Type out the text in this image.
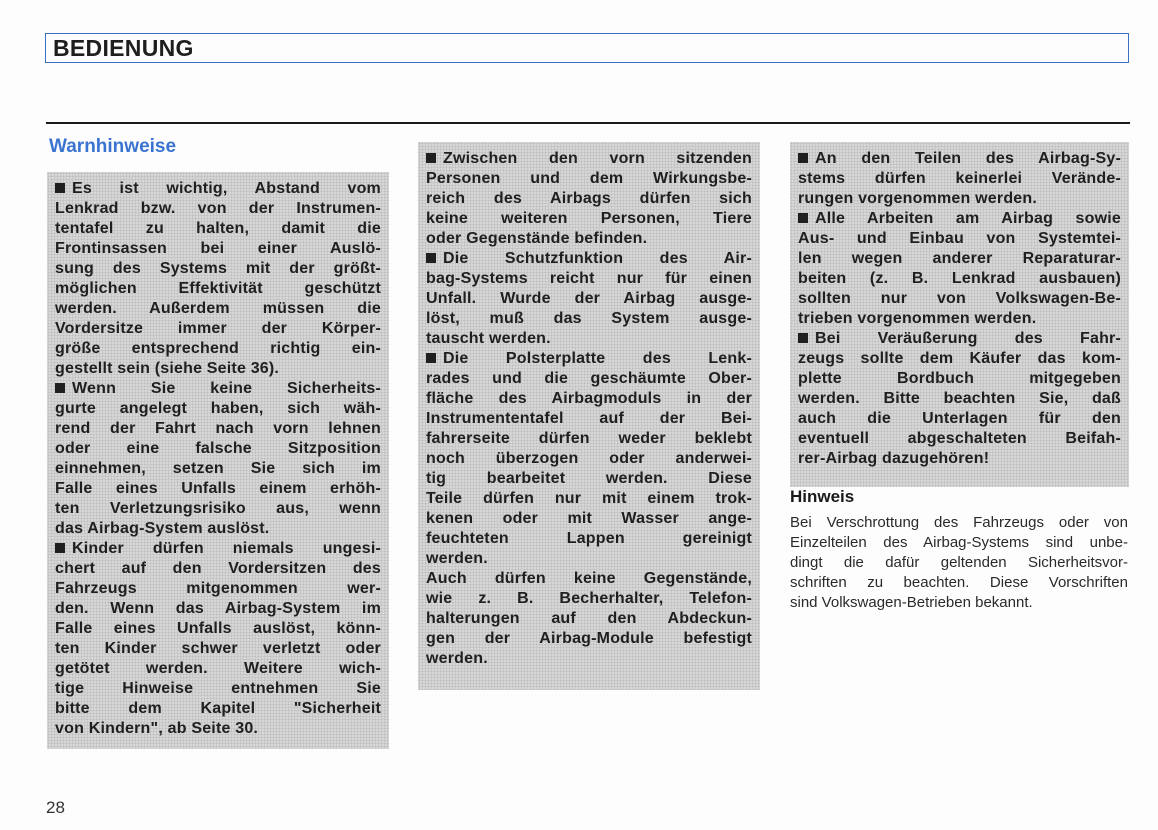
BEDIENUNG
Warnhinweise
Es ist wichtig, Abstand vom
Lenkrad bzw. von der Instrumen-
tentafel zu halten, damit die
Frontinsassen bei einer Auslö-
sung des Systems mit der größt-
möglichen Effektivität geschützt
werden. Außerdem müssen die
Vordersitze immer der Körper-
größe entsprechend richtig ein-
gestellt sein (siehe Seite 36).
Wenn Sie keine Sicherheits-
gurte angelegt haben, sich wäh-
rend der Fahrt nach vorn lehnen
oder eine falsche Sitzposition
einnehmen, setzen Sie sich im
Falle eines Unfalls einem erhöh-
ten Verletzungsrisiko aus, wenn
das Airbag-System auslöst.
Kinder dürfen niemals ungesi-
chert auf den Vordersitzen des
Fahrzeugs mitgenommen wer-
den. Wenn das Airbag-System im
Falle eines Unfalls auslöst, könn-
ten Kinder schwer verletzt oder
getötet werden. Weitere wich-
tige Hinweise entnehmen Sie
bitte dem Kapitel "Sicherheit
von Kindern", ab Seite 30.
Zwischen den vorn sitzenden
Personen und dem Wirkungsbe-
reich des Airbags dürfen sich
keine weiteren Personen, Tiere
oder Gegenstände befinden.
Die Schutzfunktion des Air-
bag-Systems reicht nur für einen
Unfall. Wurde der Airbag ausge-
löst, muß das System ausge-
tauscht werden.
Die Polsterplatte des Lenk-
rades und die geschäumte Ober-
fläche des Airbagmoduls in der
Instrumententafel auf der Bei-
fahrerseite dürfen weder beklebt
noch überzogen oder anderwei-
tig bearbeitet werden. Diese
Teile dürfen nur mit einem trok-
kenen oder mit Wasser ange-
feuchteten Lappen gereinigt
werden.
Auch dürfen keine Gegenstände,
wie z. B. Becherhalter, Telefon-
halterungen auf den Abdeckun-
gen der Airbag-Module befestigt
werden.
An den Teilen des Airbag-Sy-
stems dürfen keinerlei Verände-
rungen vorgenommen werden.
Alle Arbeiten am Airbag sowie
Aus- und Einbau von Systemtei-
len wegen anderer Reparaturar-
beiten (z. B. Lenkrad ausbauen)
sollten nur von Volkswagen-Be-
trieben vorgenommen werden.
Bei Veräußerung des Fahr-
zeugs sollte dem Käufer das kom-
plette Bordbuch mitgegeben
werden. Bitte beachten Sie, daß
auch die Unterlagen für den
eventuell abgeschalteten Beifah-
rer-Airbag dazugehören!
Hinweis
Bei Verschrottung des Fahrzeugs oder von
Einzelteilen des Airbag-Systems sind unbe-
dingt die dafür geltenden Sicherheitsvor-
schriften zu beachten. Diese Vorschriften
sind Volkswagen-Betrieben bekannt.
28
